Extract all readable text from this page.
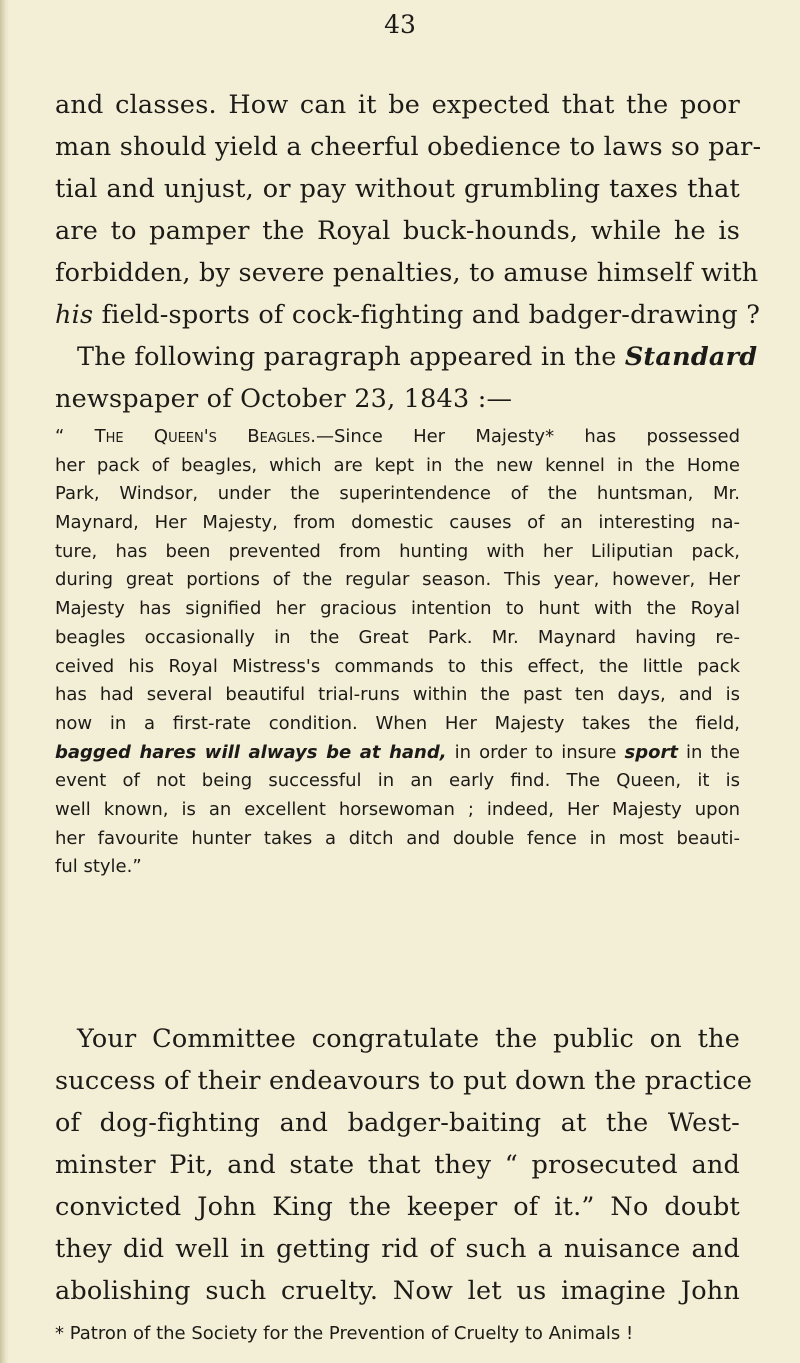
43
and classes. How can it be expected that the poor
man should yield a cheerful obedience to laws so par-
tial and unjust, or pay without grumbling taxes that
are to pamper the Royal buck-hounds, while he is
forbidden, by severe penalties, to amuse himself with
his field-sports of cock-fighting and badger-drawing ?
The following paragraph appeared in the Standard
newspaper of October 23, 1843 :—
“ The Queen's Beagles.—Since Her Majesty* has possessed
her pack of beagles, which are kept in the new kennel in the Home
Park, Windsor, under the superintendence of the huntsman, Mr.
Maynard, Her Majesty, from domestic causes of an interesting na-
ture, has been prevented from hunting with her Liliputian pack,
during great portions of the regular season. This year, however, Her
Majesty has signified her gracious intention to hunt with the Royal
beagles occasionally in the Great Park. Mr. Maynard having re-
ceived his Royal Mistress's commands to this effect, the little pack
has had several beautiful trial-runs within the past ten days, and is
now in a first-rate condition. When Her Majesty takes the field,
bagged hares will always be at hand, in order to insure sport in the
event of not being successful in an early find. The Queen, it is
well known, is an excellent horsewoman ; indeed, Her Majesty upon
her favourite hunter takes a ditch and double fence in most beauti-
ful style.”
Your Committee congratulate the public on the
success of their endeavours to put down the practice
of dog-fighting and badger-baiting at the West-
minster Pit, and state that they “ prosecuted and
convicted John King the keeper of it.” No doubt
they did well in getting rid of such a nuisance and
abolishing such cruelty. Now let us imagine John
* Patron of the Society for the Prevention of Cruelty to Animals !
